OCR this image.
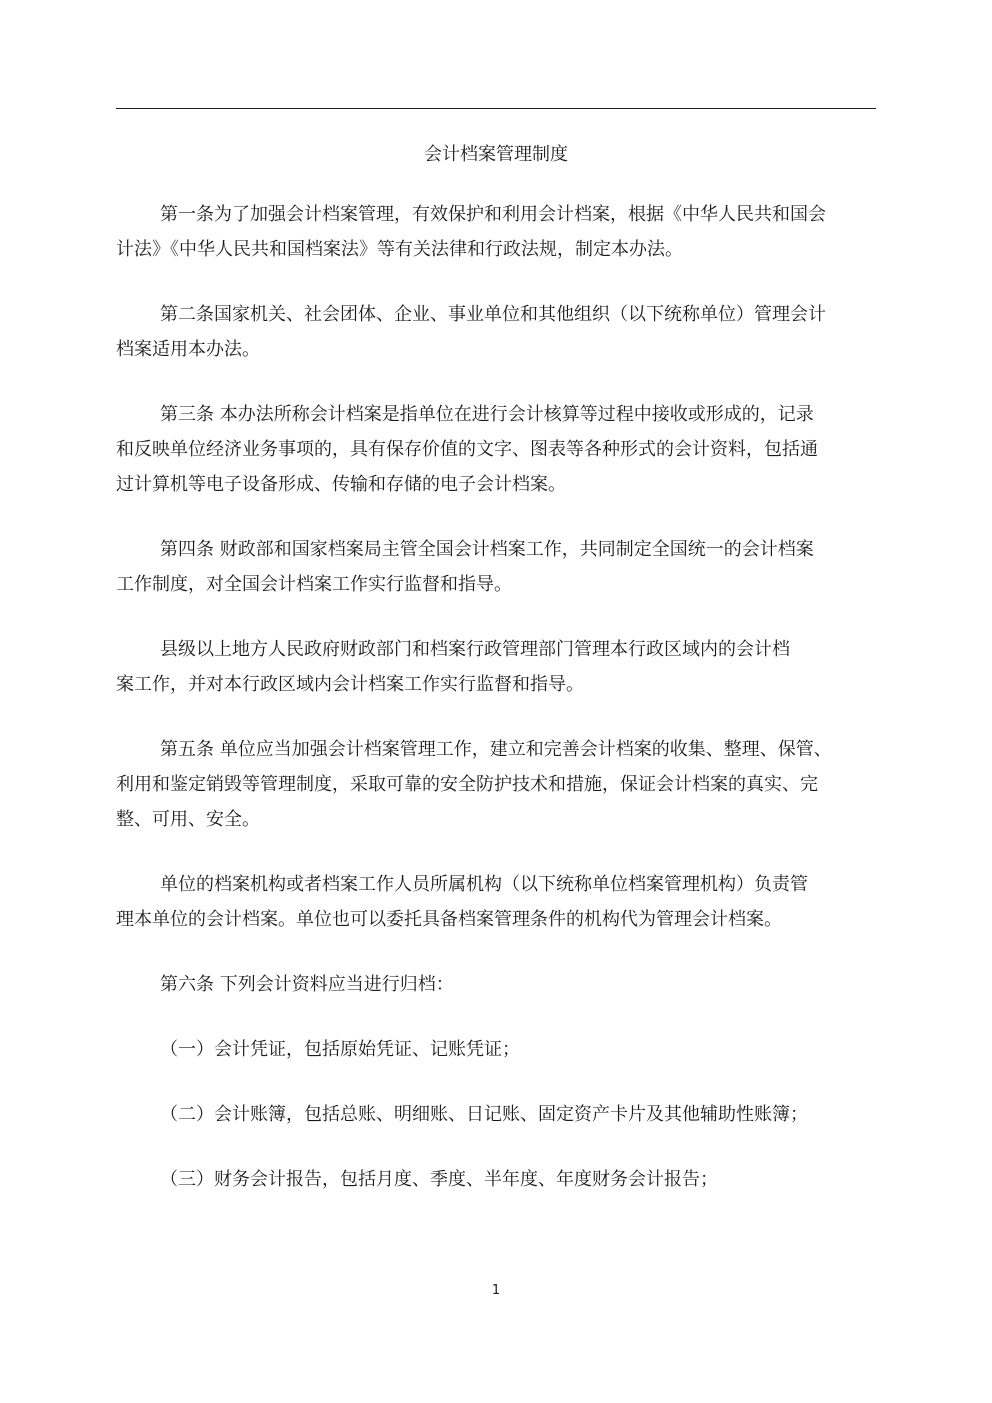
会计档案管理制度
第一条为了加强会计档案管理，有效保护和利用会计档案，根据《中华人民共和国会
计法》《中华人民共和国档案法》等有关法律和行政法规，制定本办法。
第二条国家机关、社会团体、企业、事业单位和其他组织（以下统称单位）管理会计
档案适用本办法。
第三条 本办法所称会计档案是指单位在进行会计核算等过程中接收或形成的，记录
和反映单位经济业务事项的，具有保存价值的文字、图表等各种形式的会计资料，包括通
过计算机等电子设备形成、传输和存储的电子会计档案。
第四条 财政部和国家档案局主管全国会计档案工作，共同制定全国统一的会计档案
工作制度，对全国会计档案工作实行监督和指导。
县级以上地方人民政府财政部门和档案行政管理部门管理本行政区域内的会计档
案工作，并对本行政区域内会计档案工作实行监督和指导。
第五条 单位应当加强会计档案管理工作，建立和完善会计档案的收集、整理、保管、
利用和鉴定销毁等管理制度，采取可靠的安全防护技术和措施，保证会计档案的真实、完
整、可用、安全。
单位的档案机构或者档案工作人员所属机构（以下统称单位档案管理机构）负责管
理本单位的会计档案。单位也可以委托具备档案管理条件的机构代为管理会计档案。
第六条 下列会计资料应当进行归档：
（一）会计凭证，包括原始凭证、记账凭证；
（二）会计账簿，包括总账、明细账、日记账、固定资产卡片及其他辅助性账簿；
（三）财务会计报告，包括月度、季度、半年度、年度财务会计报告；
1
